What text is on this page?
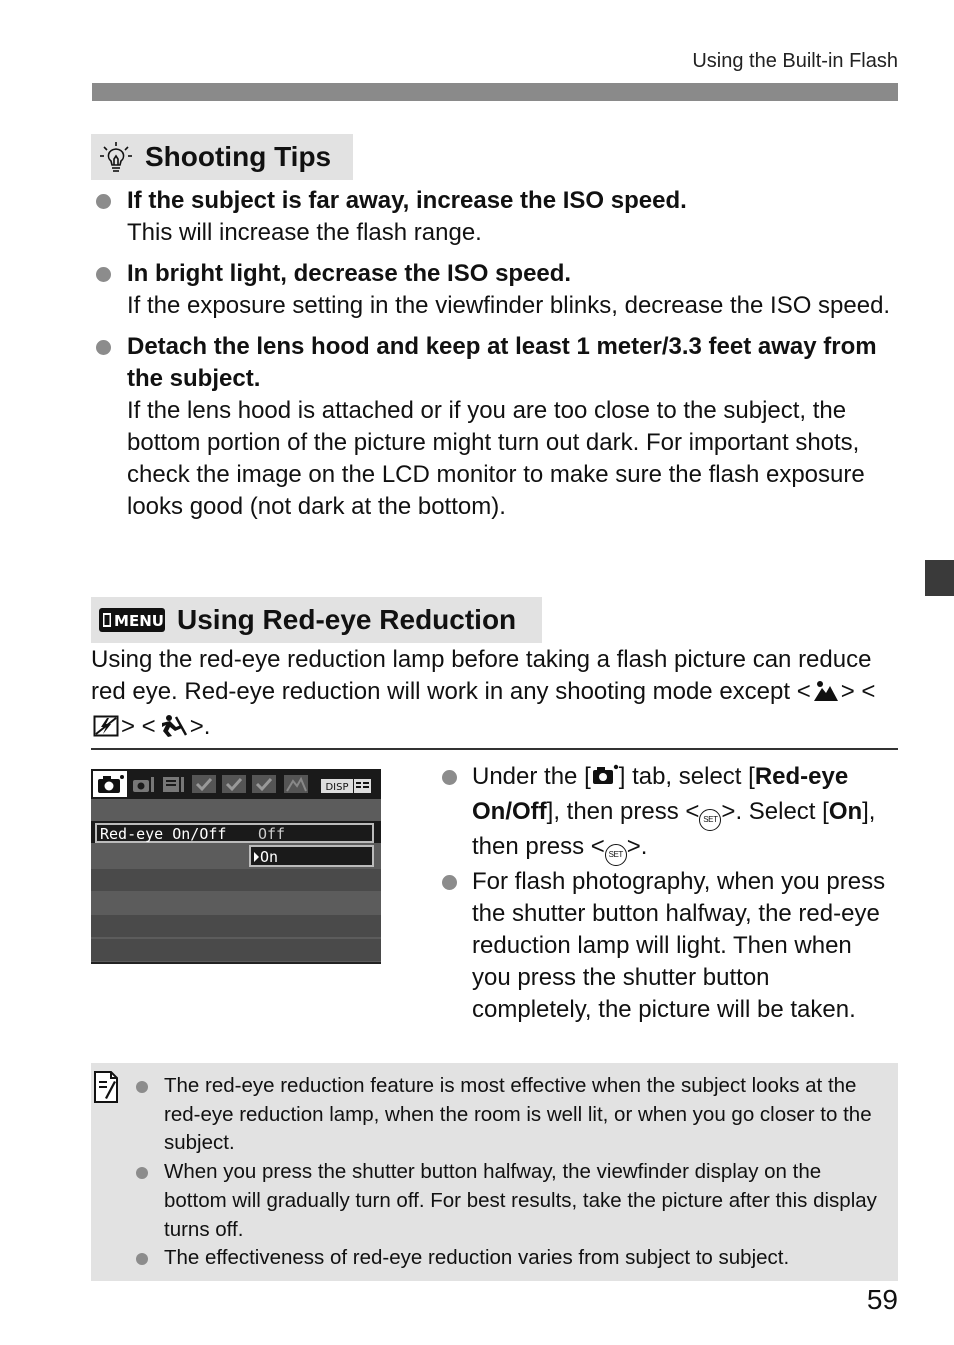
Using the Built-in Flash
Shooting Tips
If the subject is far away, increase the ISO speed.
This will increase the flash range.
In bright light, decrease the ISO speed.
If the exposure setting in the viewfinder blinks, decrease the ISO speed.
Detach the lens hood and keep at least 1 meter/3.3 feet away from the subject.
If the lens hood is attached or if you are too close to the subject, the bottom portion of the picture might turn out dark. For important shots, check the image on the LCD monitor to make sure the flash exposure looks good (not dark at the bottom).
MENU Using Red-eye Reduction
Using the red-eye reduction lamp before taking a flash picture can reduce red eye. Red-eye reduction will work in any shooting mode except < > <> < >.
DISP
Red-eye On/Off Off
On
Under the [ ] tab, select [Red-eye On/Off], then press < SET >. Select [On], then press < SET >.
For flash photography, when you press the shutter button halfway, the red-eye reduction lamp will light. Then when you press the shutter button completely, the picture will be taken.
The red-eye reduction feature is most effective when the subject looks at the red-eye reduction lamp, when the room is well lit, or when you go closer to the subject.
When you press the shutter button halfway, the viewfinder display on the bottom will gradually turn off. For best results, take the picture after this display turns off.
The effectiveness of red-eye reduction varies from subject to subject.
59
